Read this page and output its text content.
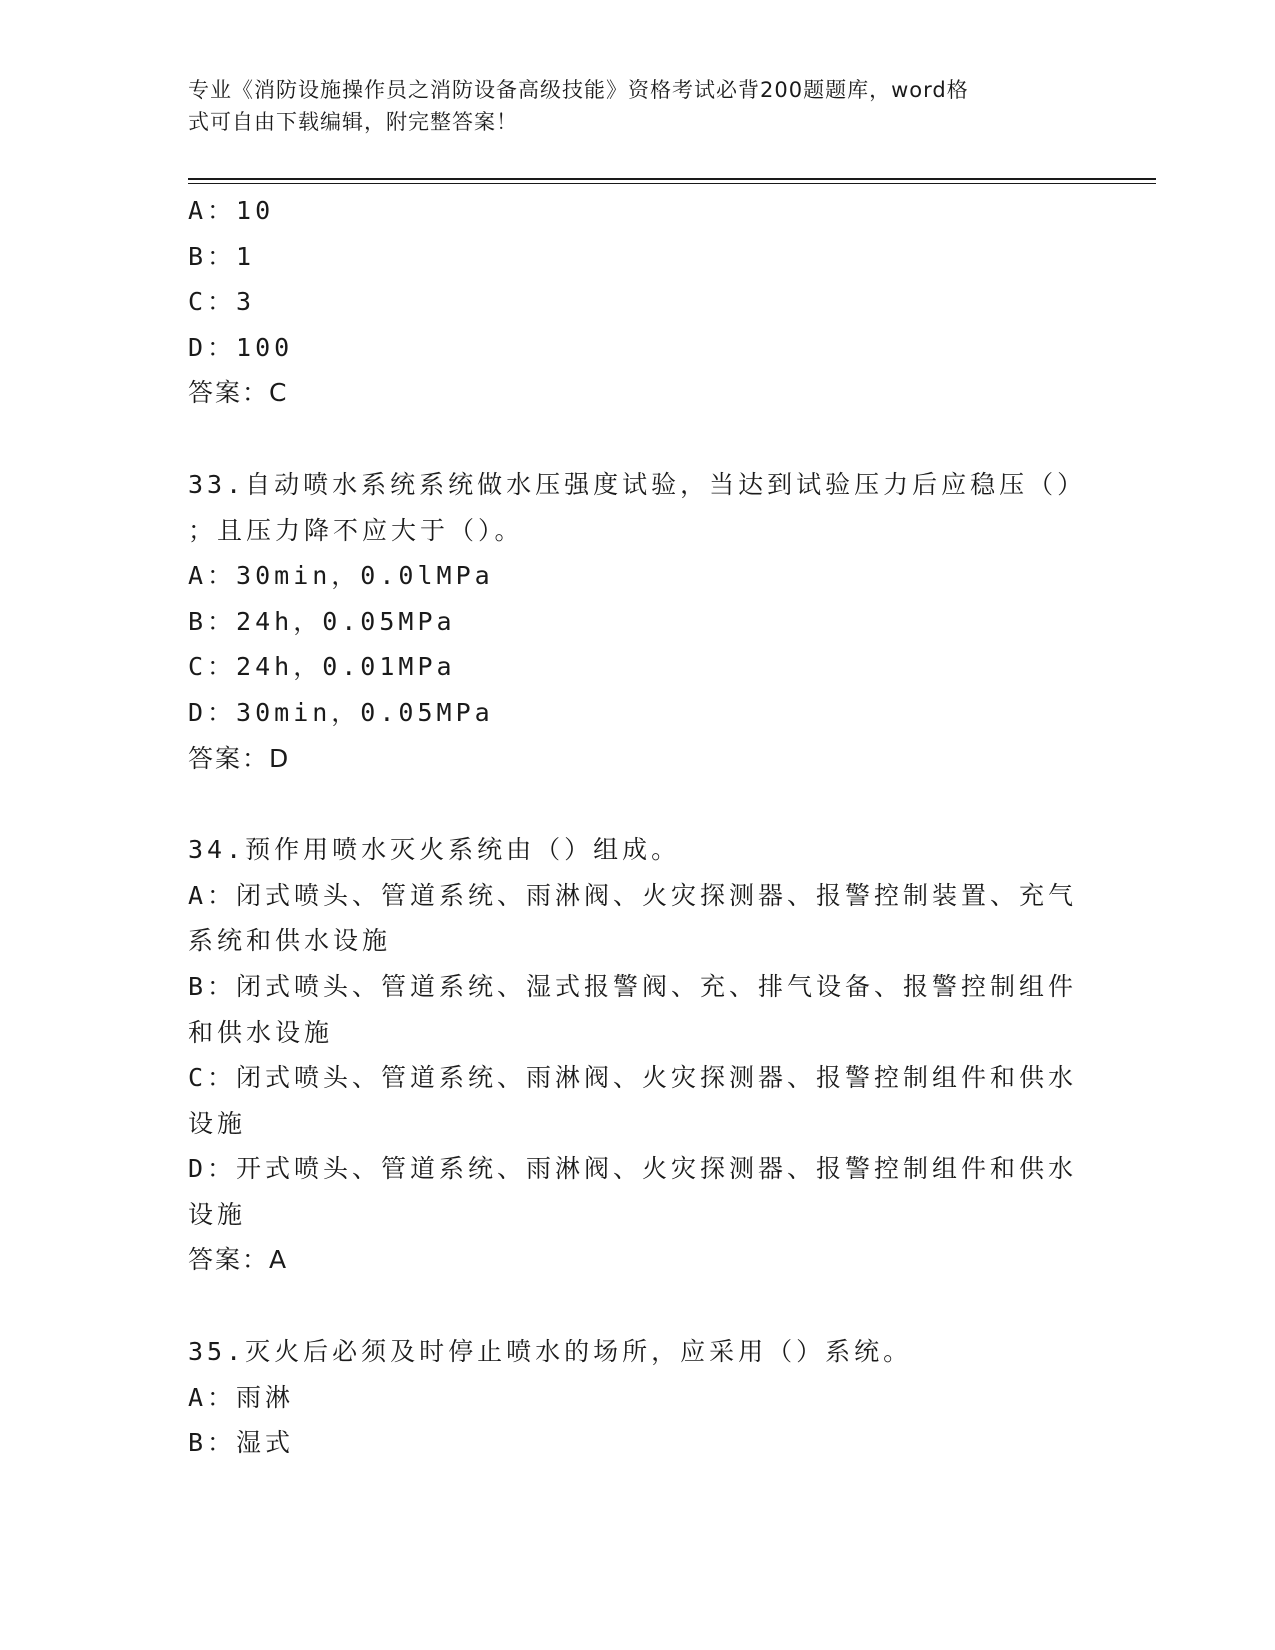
专业《消防设施操作员之消防设备高级技能》资格考试必背200题题库，word格
式可自由下载编辑，附完整答案！
A：10
B：1
C：3
D：100
答案：C
33.自动喷水系统系统做水压强度试验，当达到试验压力后应稳压（）
；且压力降不应大于（）。
A：30min，0.0lMPa
B：24h，0.05MPa
C：24h，0.01MPa
D：30min，0.05MPa
答案：D
34.预作用喷水灭火系统由（）组成。
A：闭式喷头、管道系统、雨淋阀、火灾探测器、报警控制装置、充气
系统和供水设施
B：闭式喷头、管道系统、湿式报警阀、充、排气设备、报警控制组件
和供水设施
C：闭式喷头、管道系统、雨淋阀、火灾探测器、报警控制组件和供水
设施
D：开式喷头、管道系统、雨淋阀、火灾探测器、报警控制组件和供水
设施
答案：A
35.灭火后必须及时停止喷水的场所，应采用（）系统。
A：雨淋
B：湿式
